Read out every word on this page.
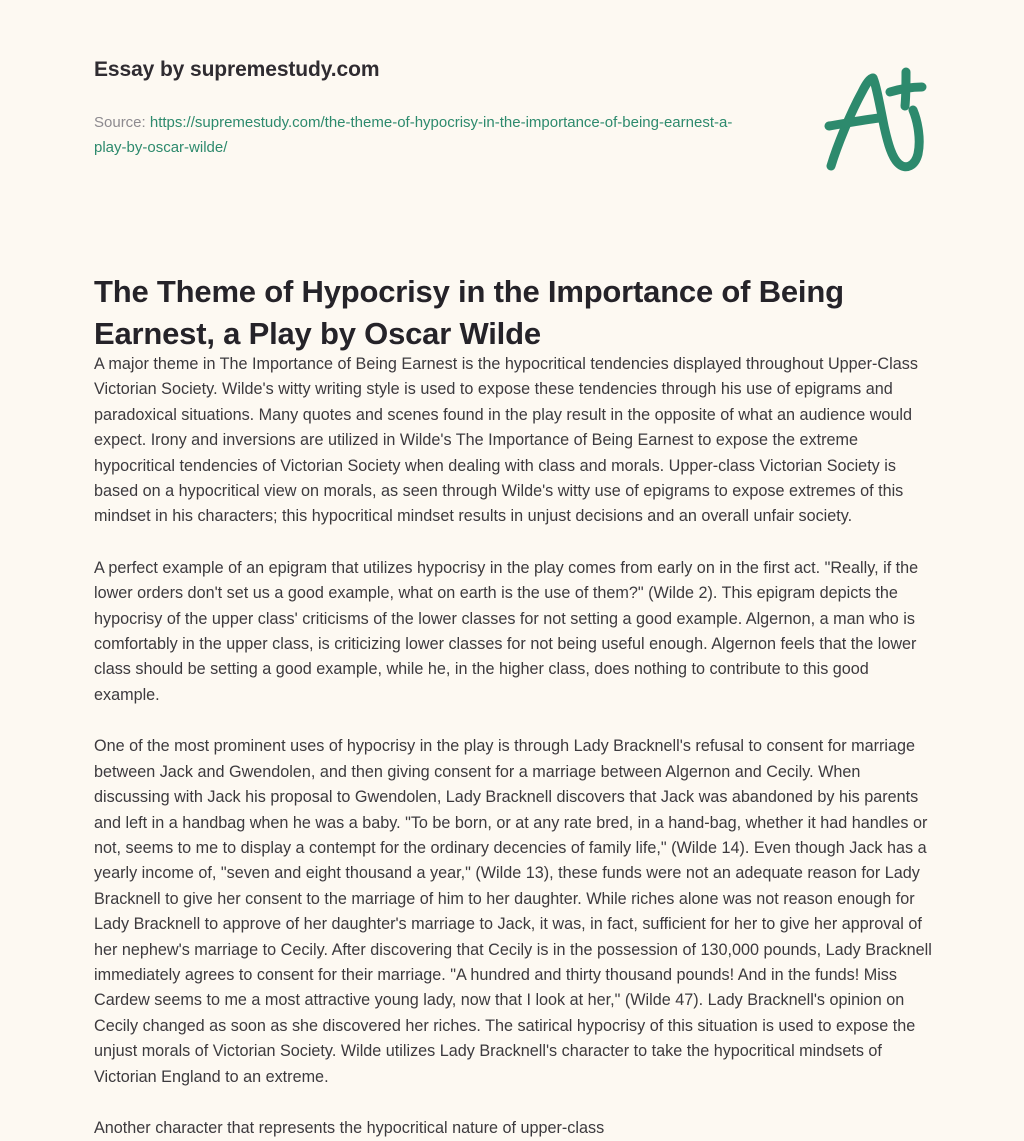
Essay by supremestudy.com
Source: https://supremestudy.com/the-theme-of-hypocrisy-in-the-importance-of-being-earnest-a-play-by-oscar-wilde/
The Theme of Hypocrisy in the Importance of Being Earnest, a Play by Oscar Wilde

A major theme in The Importance of Being Earnest is the hypocritical tendencies displayed throughout Upper-Class Victorian Society. Wilde's witty writing style is used to expose these tendencies through his use of epigrams and paradoxical situations. Many quotes and scenes found in the play result in the opposite of what an audience would expect. Irony and inversions are utilized in Wilde's The Importance of Being Earnest to expose the extreme hypocritical tendencies of Victorian Society when dealing with class and morals. Upper-class Victorian Society is based on a hypocritical view on morals, as seen through Wilde's witty use of epigrams to expose extremes of this mindset in his characters; this hypocritical mindset results in unjust decisions and an overall unfair society.

A perfect example of an epigram that utilizes hypocrisy in the play comes from early on in the first act. "Really, if the lower orders don't set us a good example, what on earth is the use of them?" (Wilde 2). This epigram depicts the hypocrisy of the upper class' criticisms of the lower classes for not setting a good example. Algernon, a man who is comfortably in the upper class, is criticizing lower classes for not being useful enough. Algernon feels that the lower class should be setting a good example, while he, in the higher class, does nothing to contribute to this good example.

One of the most prominent uses of hypocrisy in the play is through Lady Bracknell's refusal to consent for marriage between Jack and Gwendolen, and then giving consent for a marriage between Algernon and Cecily. When discussing with Jack his proposal to Gwendolen, Lady Bracknell discovers that Jack was abandoned by his parents and left in a handbag when he was a baby. "To be born, or at any rate bred, in a hand-bag, whether it had handles or not, seems to me to display a contempt for the ordinary decencies of family life," (Wilde 14). Even though Jack has a yearly income of, "seven and eight thousand a year," (Wilde 13), these funds were not an adequate reason for Lady Bracknell to give her consent to the marriage of him to her daughter. While riches alone was not reason enough for Lady Bracknell to approve of her daughter's marriage to Jack, it was, in fact, sufficient for her to give her approval of her nephew's marriage to Cecily. After discovering that Cecily is in the possession of 130,000 pounds, Lady Bracknell immediately agrees to consent for their marriage. "A hundred and thirty thousand pounds! And in the funds! Miss Cardew seems to me a most attractive young lady, now that I look at her," (Wilde 47). Lady Bracknell's opinion on Cecily changed as soon as she discovered her riches. The satirical hypocrisy of this situation is used to expose the unjust morals of Victorian Society. Wilde utilizes Lady Bracknell's character to take the hypocritical mindsets of Victorian England to an extreme.

Another character that represents the hypocritical nature of upper-class
